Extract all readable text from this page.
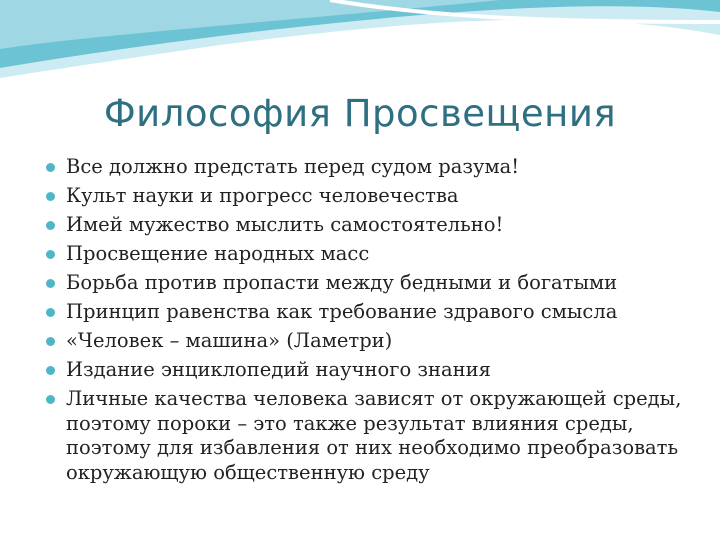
Философия Просвещения
Все должно предстать перед судом разума!
Культ науки и прогресс человечества
Имей мужество мыслить самостоятельно!
Просвещение народных масс
Борьба против пропасти между бедными и богатыми
Принцип равенства как требование здравого смысла
«Человек – машина» (Ламетри)
Издание энциклопедий научного знания
Личные качества человека зависят от окружающей среды, поэтому пороки – это также результат влияния среды, поэтому для избавления от них необходимо преобразовать окружающую общественную среду
